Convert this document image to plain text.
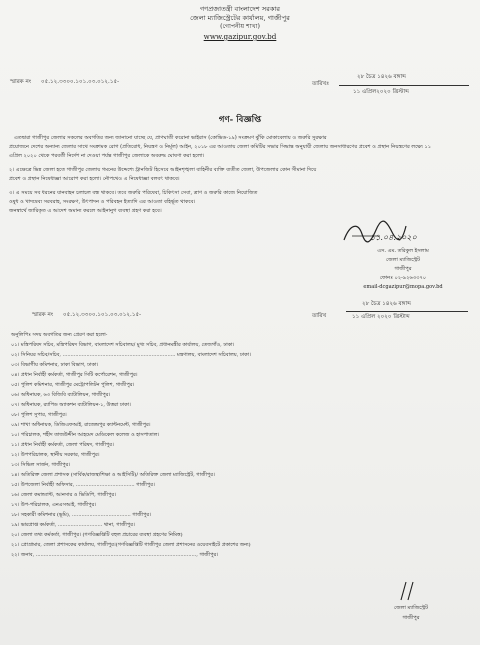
গণপ্রজাতন্ত্রী বাংলাদেশ সরকার
জেলা ম্যাজিস্ট্রেটের কার্যালয়, গাজীপুর
(গোপনীয় শাখা)
www.gazipur.gov.bd
স্মারক নং ০৫.১২.৩৩০০.১০১.০৩.০১২.১৫-	তারিখঃ
২৮ চৈত্র ১৪২৬ বঙ্গাব্দ
১১ এপ্রিল২০২০ খ্রিস্টাব্দ
গণ- বিজ্ঞপ্তি
এতদ্বারা গাজীপুর জেলার সকলের অবগতির জন্য জানানো যাচ্ছে যে, প্রাণঘাতী করোনা ভাইরাস (কোভিড-১৯) সংক্রমণ ঝুঁকি মোকাবেলায় ও জরুরি সুরক্ষার
প্রয়োজনে দেশের অন্যান্য জেলার সাথে সংক্রামক রোগ (প্রতিরোধ, নিয়ন্ত্রণ ও নির্মূল) আইন, ২০১৮ এর আওতায় জেলা কমিটির সভার সিদ্ধান্ত অনুযায়ী জেলায় জনসাধারণের প্রবেশ ও প্রস্থান নিয়ন্ত্রণের লক্ষ্যে ১১
এপ্রিল ২০২০ থেকে পরবর্তী নির্দেশ না দেওয়া পর্যন্ত গাজীপুর জেলাকে অবরুদ্ধ ঘোষণা করা হলো।
২। এক্ষেত্রে ভিন্ন জেলা হতে গাজীপুর জেলায় গমনের উদ্দেশ্যে ট্রানজিট হিসেবে আইনশৃঙ্খলা বাহিনীর ব্যক্তি ব্যতীত জেলা, উপজেলার কোন সীমানা দিয়ে
প্রবেশ ও প্রস্থান নিষেধাজ্ঞা আরোপ করা হলো। নৌপথেও এ নিষেধাজ্ঞা বলবৎ থাকবে।
৩। এ সময়ে সব ধরনের যানবাহন চলাচল বন্ধ থাকবে। তবে জরুরি পরিষেবা, চিকিৎসা সেবা, ত্রাণ ও জরুরি কাজে নিয়োজিত
ওষুধ ও খাদ্যদ্রব্য সরবরাহ, সংরক্ষণ, উৎপাদন ও পরিবহন ইত্যাদি এর আওতা বহির্ভূত থাকবে।
জনস্বার্থে জারিকৃত এ আদেশ অমান্য করলে আইনানুগ ব্যবস্থা গ্রহণ করা হবে।
১১.০৪.২০২০
এস. এম. তরিকুল ইসলাম
জেলা ম্যাজিস্ট্রেট
গাজীপুর
ফোনঃ ০২-৯২৬৩৩৭০
email-dcgazipur@mopa.gov.bd
স্মারক নং ০৫.১২.৩৩০০.১০১.০৩.০১২.১৫-	তারিখ
২৮ চৈত্র ১৪২৬ বঙ্গাব্দ
১১ এপ্রিল ২০২০ খ্রিস্টাব্দ
অনুলিপিঃ সদয় অবগতির জন্য প্রেরণ করা হলো-
০১। মন্ত্রিপরিষদ সচিব, মন্ত্রিপরিষদ বিভাগ, বাংলাদেশ সচিবালয়/ মুখ্য সচিব, প্রধানমন্ত্রীর কার্যালয়, তেজগাঁও, ঢাকা।
০২। সিনিয়র সচিব/সচিব, ....................................................................... মন্ত্রণালয়, বাংলাদেশ সচিবালয়, ঢাকা।
০৩। বিভাগীয় কমিশনার, ঢাকা বিভাগ, ঢাকা।
০৪। প্রধান নির্বাহী কর্মকর্তা, গাজীপুর সিটি কর্পোরেশন, গাজীপুর।
০৫। পুলিশ কমিশনার, গাজীপুর মেট্রোপলিটন পুলিশ, গাজীপুর।
০৬। অধিনায়ক, ৬৩ বিজিবি ব্যাটালিয়ন, গাজীপুর।
০৭। অধিনায়ক, র‍্যাপিড অ্যাকশন ব্যাটালিয়ন-১, উত্তরা ঢাকা।
০৮। পুলিশ সুপার, গাজীপুর।
০৯। শাখা অধিনায়ক, ডিজিএফআই, রাজেন্দ্রপুর ক্যান্টনমেন্ট, গাজীপুর।
১০। পরিচালক, শহীদ তাজউদ্দীন আহমেদ মেডিকেল কলেজ ও হাসপাতাল।
১১। প্রধান নির্বাহী কর্মকর্তা, জেলা পরিষদ, গাজীপুর।
১২। উপপরিচালক, স্থানীয় সরকার, গাজীপুর।
১৩। সিভিল সার্জন, গাজীপুর।
১৪। অতিরিক্ত জেলা প্রশাসক (সার্বিক/রাজস্ব/শিক্ষা ও আইসিটি)/ অতিরিক্ত জেলা ম্যাজিস্ট্রেট, গাজীপুর।
১৫। উপজেলা নির্বাহী অফিসার, ..................................... গাজীপুর।
১৬। জেলা কমান্ড্যান্ট, আনসার ও ভিডিপি, গাজীপুর।
১৭। উপ-পরিচালক, এনএসআই, গাজীপুর।
১৮। সহকারী কমিশনার (ভূমি), ..................................... গাজীপুর।
১৯। ভারপ্রাপ্ত কর্মকর্তা, ............................ থানা, গাজীপুর।
২০। জেলা তথ্য কর্মকর্তা, গাজীপুর। (গণবিজ্ঞপ্তিটি বহুল প্রচারের ব্যবস্থা গ্রহণের নিমিত্ত)
২১। প্রোগ্রামার, জেলা প্রশাসকের কার্যালয়, গাজীপুর।(গণবিজ্ঞপ্তিটি গাজীপুর জেলা প্রশাসনের ওয়েবসাইটে প্রকাশের জন্য)
২২। জনাব, ....................................................................................................., গাজীপুর।
জেলা ম্যাজিস্ট্রেট
গাজীপুর
